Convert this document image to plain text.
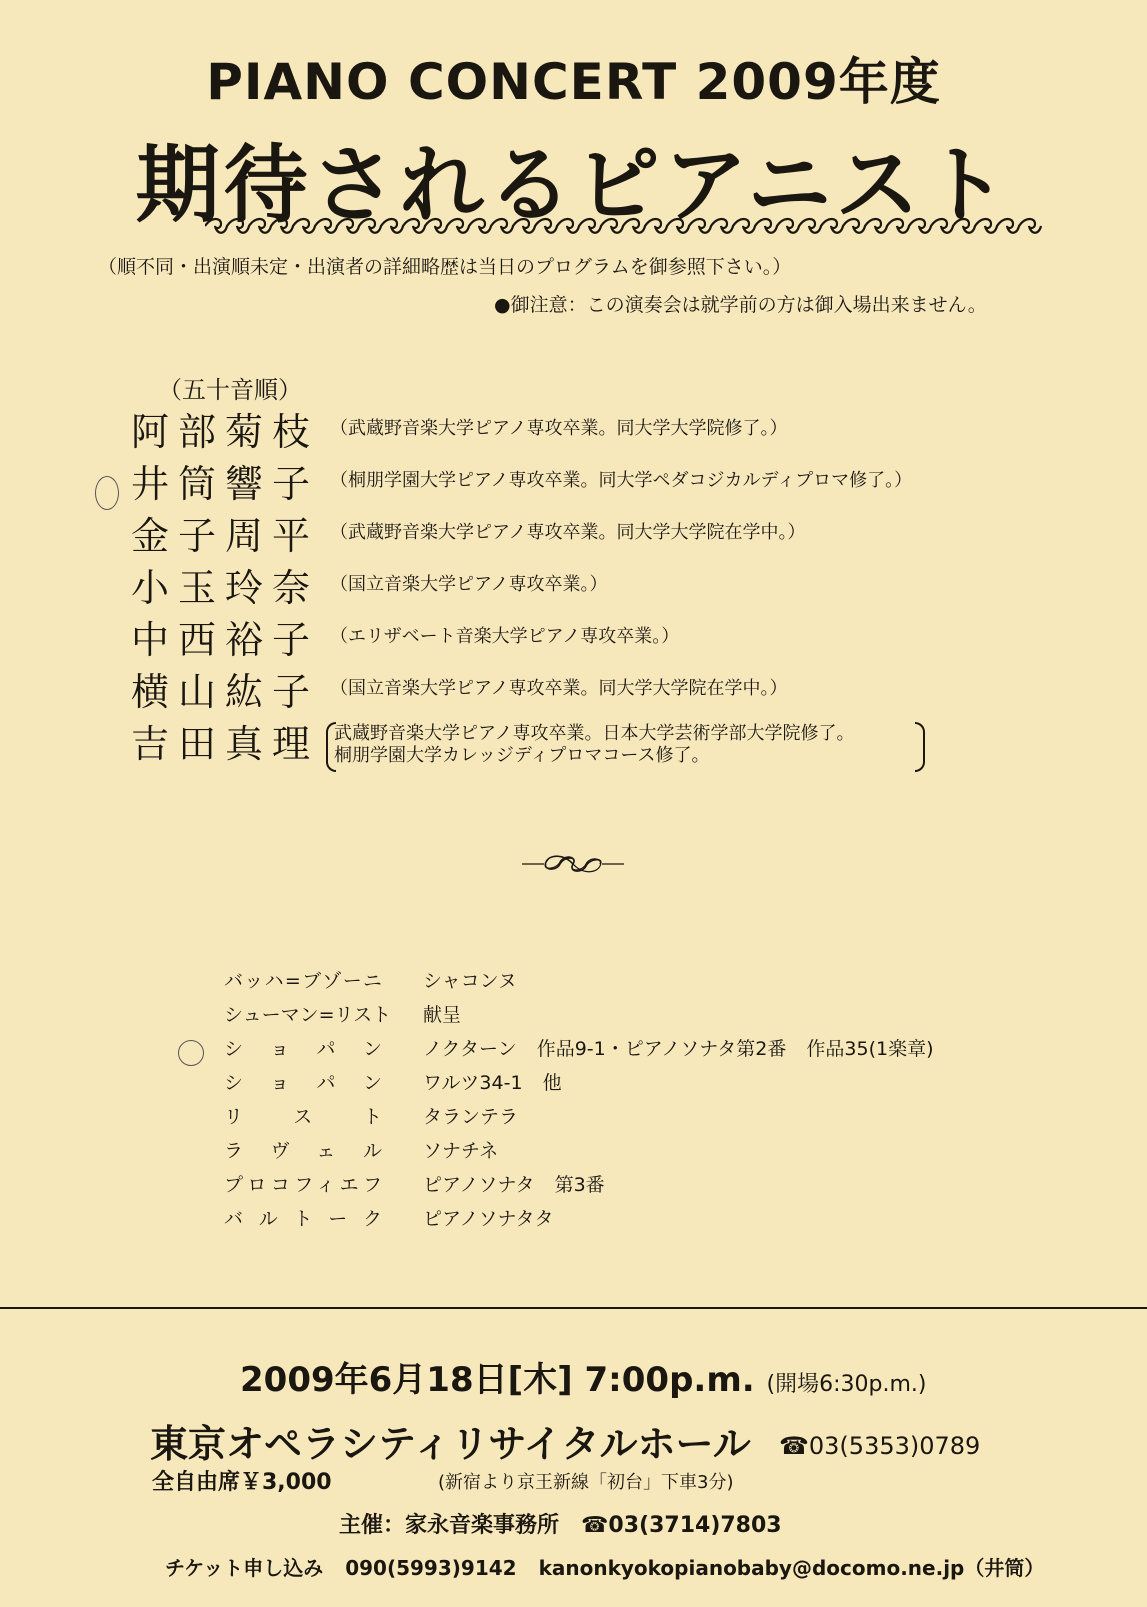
PIANO CONCERT 2009年度
期待されるピアニスト
（順不同・出演順未定・出演者の詳細略歴は当日のプログラムを御参照下さい。）
●御注意：この演奏会は就学前の方は御入場出来ません。
（五十音順）
阿部菊枝 （武蔵野音楽大学ピアノ専攻卒業。同大学大学院修了。）
井筒響子 （桐朋学園大学ピアノ専攻卒業。同大学ペダコジカルディプロマ修了。）
金子周平 （武蔵野音楽大学ピアノ専攻卒業。同大学大学院在学中。）
小玉玲奈 （国立音楽大学ピアノ専攻卒業。）
中西裕子 （エリザベート音楽大学ピアノ専攻卒業。）
横山紘子 （国立音楽大学ピアノ専攻卒業。同大学大学院在学中。）
吉田真理 武蔵野音楽大学ピアノ専攻卒業。日本大学芸術学部大学院修了。
桐朋学園大学カレッジディプロマコース修了。
バッハ=ブゾーニ シャコンヌ
シューマン=リスト 献呈
ショパン ノクターン 作品9-1・ピアノソナタ第2番 作品35(1楽章)
ショパン ワルツ34-1 他
リスト タランテラ
ラヴェル ソナチネ
プロコフィエフ ピアノソナタ 第3番
バルトーク ピアノソナタタ
2009年6月18日[木] 7:00p.m. (開場6:30p.m.)
東京オペラシティリサイタルホール ☎03(5353)0789
全自由席￥3,000	(新宿より京王新線「初台」下車3分)
主催：家永音楽事務所 ☎03(3714)7803
チケット申し込み 090(5993)9142 kanonkyokopianobaby@docomo.ne.jp（井筒）
